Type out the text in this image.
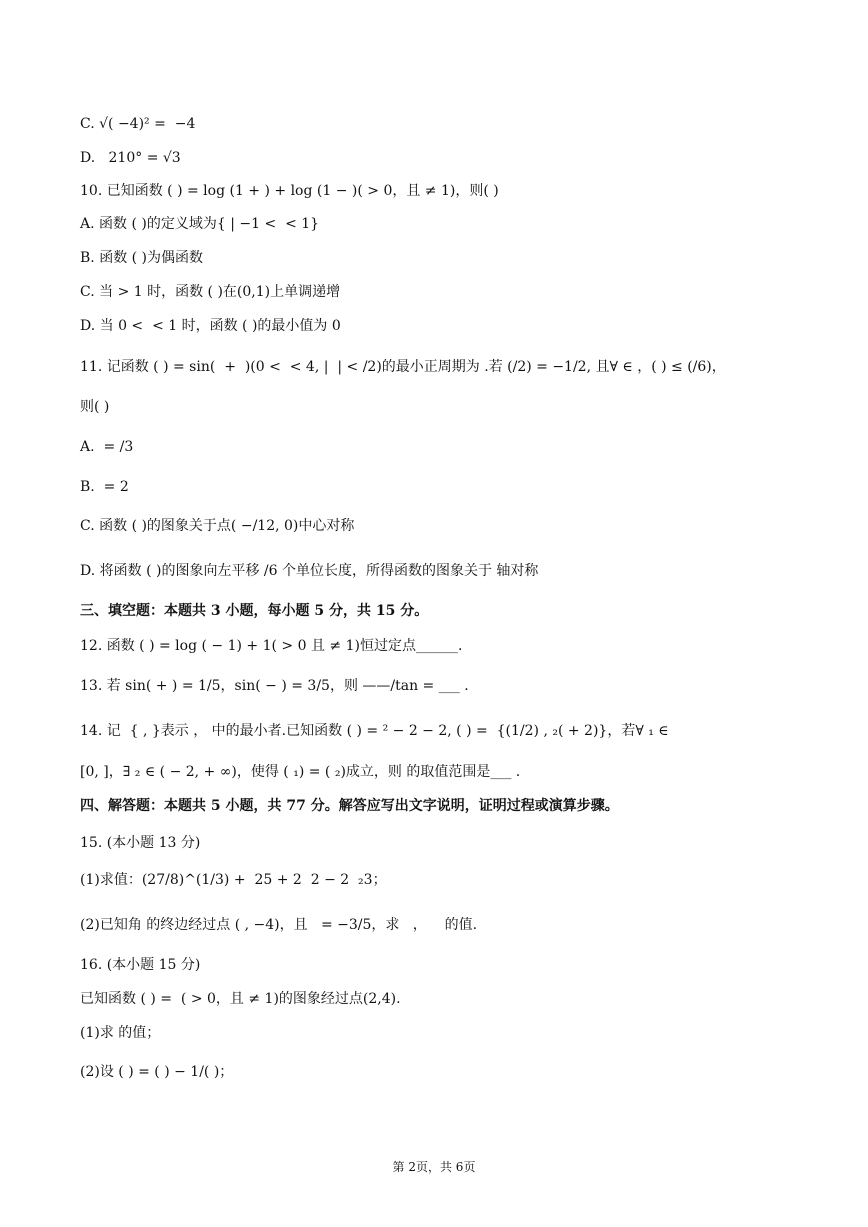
C. √( −4)² =  −4
D.   210° = √3
10. 已知函数 ( ) = log (1 + ) + log (1 − )( > 0，且 ≠ 1)，则( )
A. 函数 ( )的定义域为{ | −1 <  < 1}
B. 函数 ( )为偶函数
C. 当 > 1 时，函数 ( )在(0,1)上单调递增
D. 当 0 <  < 1 时，函数 ( )的最小值为 0
11. 记函数 ( ) = sin(  +  )(0 <  < 4, |  | < /2)的最小正周期为 .若 (/2) = −1/2, 且∀ ∈ ，( ) ≤ (/6)，
则( )
A.  = /3
B.  = 2
C. 函数 ( )的图象关于点( −/12, 0)中心对称
D. 将函数 ( )的图象向左平移 /6 个单位长度，所得函数的图象关于 轴对称
三、填空题：本题共 3 小题，每小题 5 分，共 15 分。
12. 函数 ( ) = log ( − 1) + 1( > 0 且 ≠ 1)恒过定点______.
13. 若 sin( + ) = 1/5，sin( − ) = 3/5，则 ——/tan = ___ .
14. 记  { , }表示 ， 中的最小者.已知函数 ( ) = ² − 2 − 2, ( ) =  {(1/2) , ₂( + 2)}，若∀ ₁ ∈
[0, ]，∃ ₂ ∈ ( − 2, + ∞)，使得 ( ₁) = ( ₂)成立，则 的取值范围是___ .
四、解答题：本题共 5 小题，共 77 分。解答应写出文字说明，证明过程或演算步骤。
15. (本小题 13 分)
(1)求值：(27/8)^(1/3) +  25 + 2  2 − 2  ₂3；
(2)已知角 的终边经过点 ( , −4)，且   = −3/5，求   ，    的值.
16. (本小题 15 分)
已知函数 ( ) =  ( > 0，且 ≠ 1)的图象经过点(2,4).
(1)求 的值；
(2)设 ( ) = ( ) − 1/( )；
第 2页，共 6页
